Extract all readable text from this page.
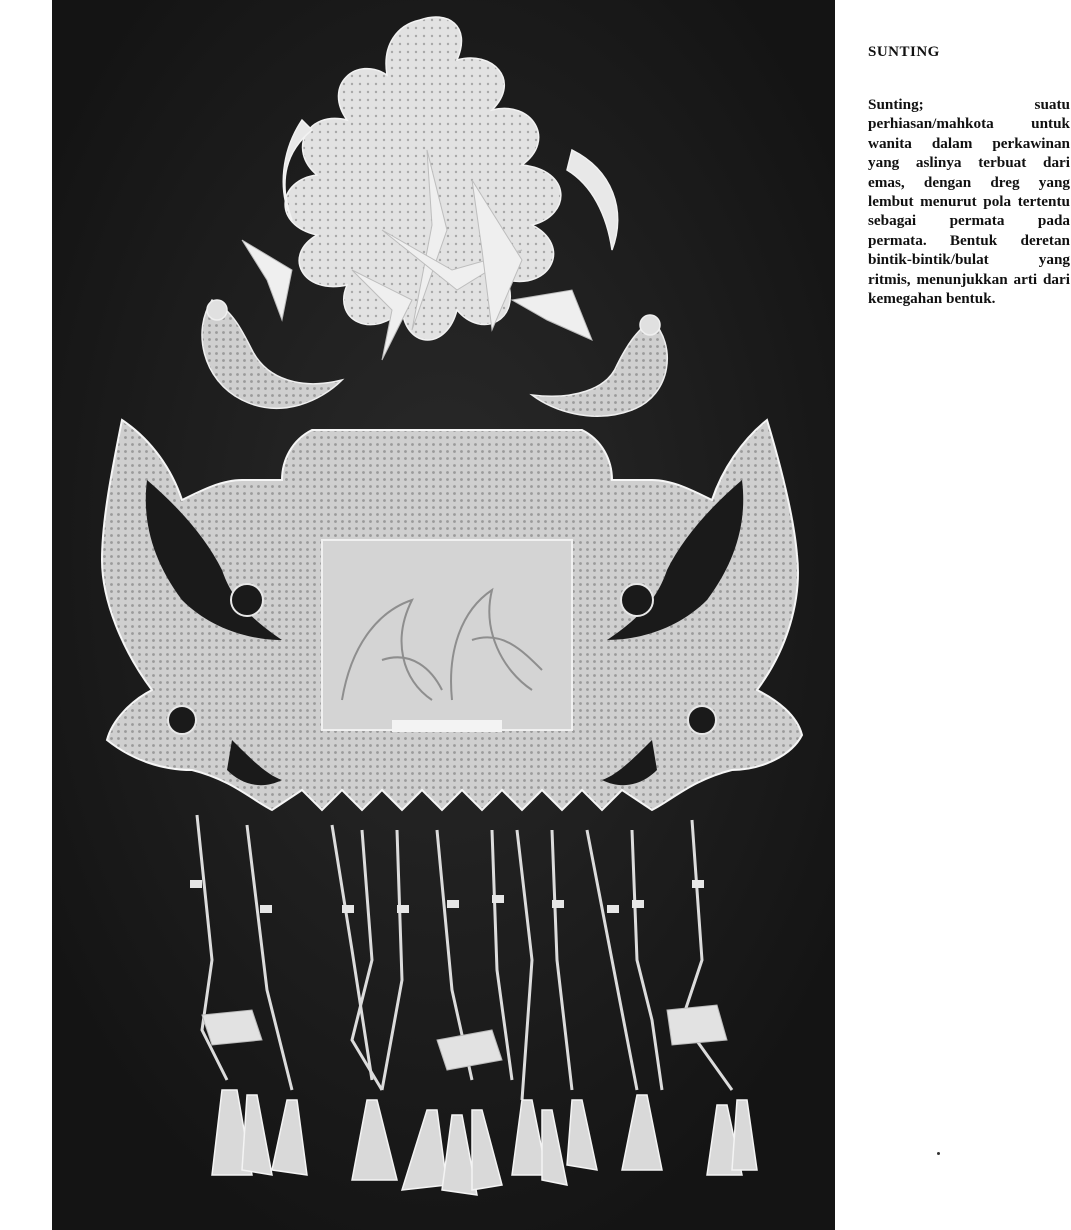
SUNTING

Sunting; suatu perhiasan/mahkota untuk wanita dalam perkawinan yang aslinya terbuat dari emas, dengan dreg yang lembut menurut pola tertentu sebagai permata pada permata. Bentuk deretan bintik-bintik/bulat yang ritmis, menunjukkan arti dari kemegahan bentuk.
